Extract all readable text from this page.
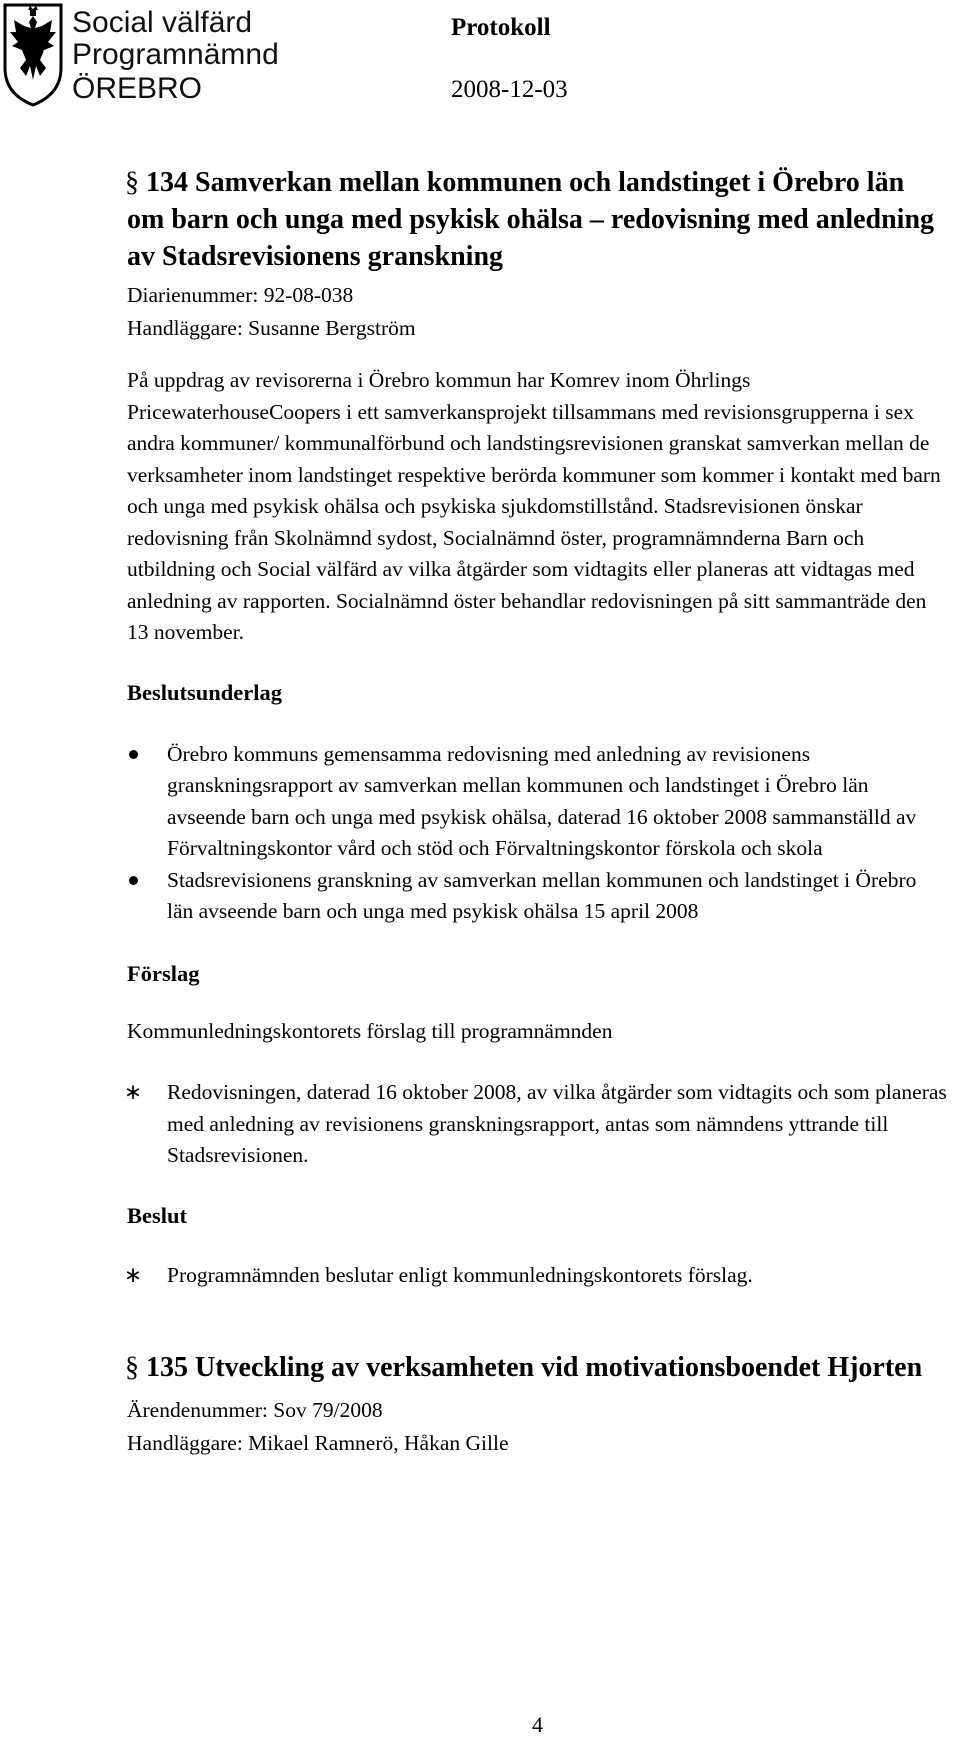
Social välfärd
Programnämnd
ÖREBRO
Protokoll
2008-12-03
§ 134 Samverkan mellan kommunen och landstinget i Örebro län om barn och unga med psykisk ohälsa – redovisning med anledning av Stadsrevisionens granskning
Diarienummer: 92-08-038
Handläggare: Susanne Bergström

På uppdrag av revisorerna i Örebro kommun har Komrev inom Öhrlings PricewaterhouseCoopers i ett samverkansprojekt tillsammans med revisionsgrupperna i sex andra kommuner/ kommunalförbund och landstingsrevisionen granskat samverkan mellan de verksamheter inom landstinget respektive berörda kommuner som kommer i kontakt med barn och unga med psykisk ohälsa och psykiska sjukdomstillstånd. Stadsrevisionen önskar redovisning från Skolnämnd sydost, Socialnämnd öster, programnämnderna Barn och utbildning och Social välfärd av vilka åtgärder som vidtagits eller planeras att vidtagas med anledning av rapporten. Socialnämnd öster behandlar redovisningen på sitt sammanträde den 13 november.

Beslutsunderlag
Örebro kommuns gemensamma redovisning med anledning av revisionens granskningsrapport av samverkan mellan kommunen och landstinget i Örebro län avseende barn och unga med psykisk ohälsa, daterad 16 oktober 2008 sammanställd av Förvaltningskontor vård och stöd och Förvaltningskontor förskola och skola
Stadsrevisionens granskning av samverkan mellan kommunen och landstinget i Örebro län avseende barn och unga med psykisk ohälsa 15 april 2008
Förslag
Kommunledningskontorets förslag till programnämnden
∗ Redovisningen, daterad 16 oktober 2008, av vilka åtgärder som vidtagits och som planeras med anledning av revisionens granskningsrapport, antas som nämndens yttrande till Stadsrevisionen.
Beslut
∗ Programnämnden beslutar enligt kommunledningskontorets förslag.
§ 135 Utveckling av verksamheten vid motivationsboendet Hjorten
Ärendenummer: Sov 79/2008
Handläggare: Mikael Ramnerö, Håkan Gille
4
